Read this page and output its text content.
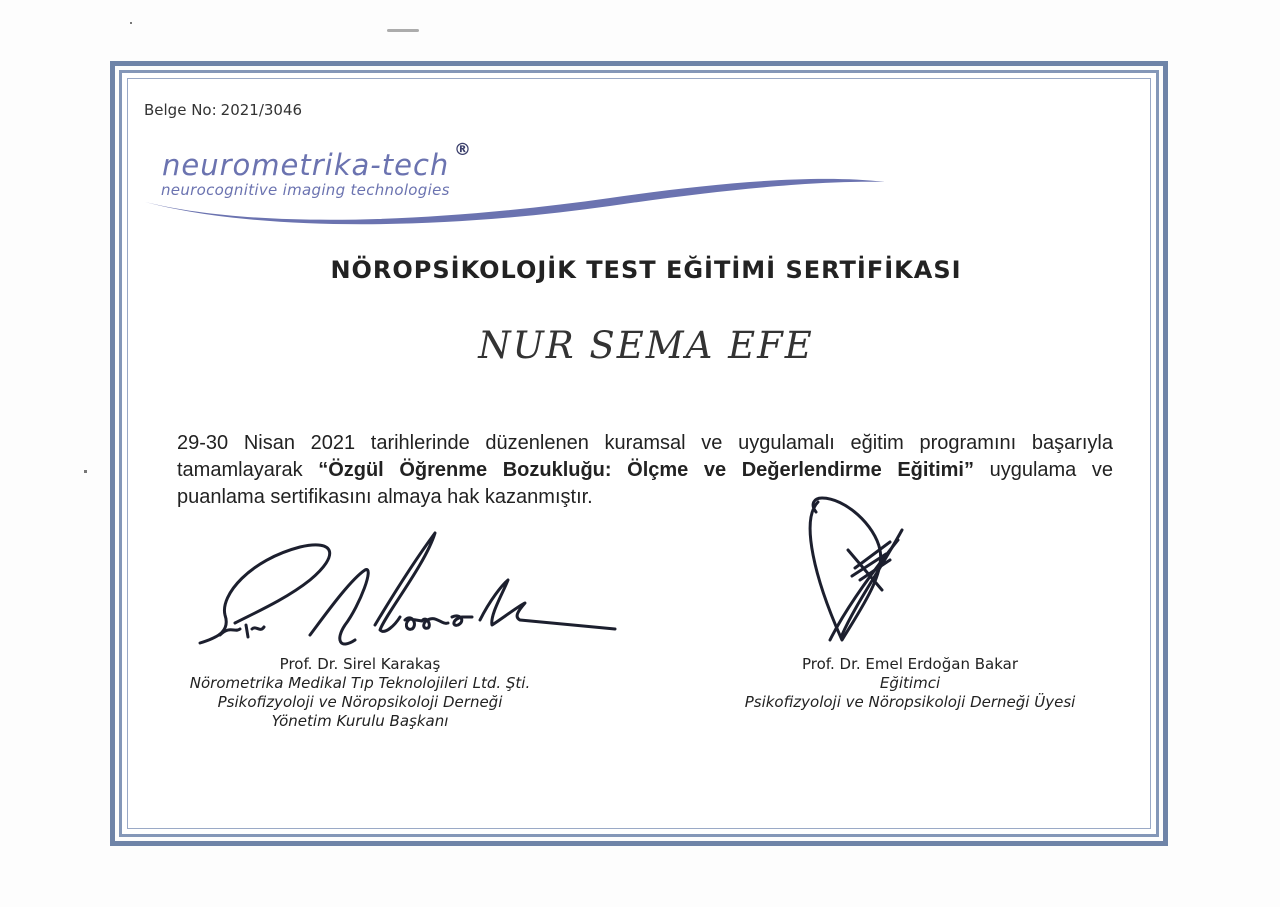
Belge No: 2021/3046
neurometrika-tech ®
neurocognitive imaging technologies
NÖROPSİKOLOJİK TEST EĞİTİMİ SERTİFİKASI
NUR SEMA EFE
29-30 Nisan 2021 tarihlerinde düzenlenen kuramsal ve uygulamalı eğitim programını başarıyla tamamlayarak “Özgül Öğrenme Bozukluğu: Ölçme ve Değerlendirme Eğitimi” uygulama ve puanlama sertifikasını almaya hak kazanmıştır.
Prof. Dr. Sirel Karakaş
Nörometrika Medikal Tıp Teknolojileri Ltd. Şti.
Psikofizyoloji ve Nöropsikoloji Derneği
Yönetim Kurulu Başkanı
Prof. Dr. Emel Erdoğan Bakar
Eğitimci
Psikofizyoloji ve Nöropsikoloji Derneği Üyesi
